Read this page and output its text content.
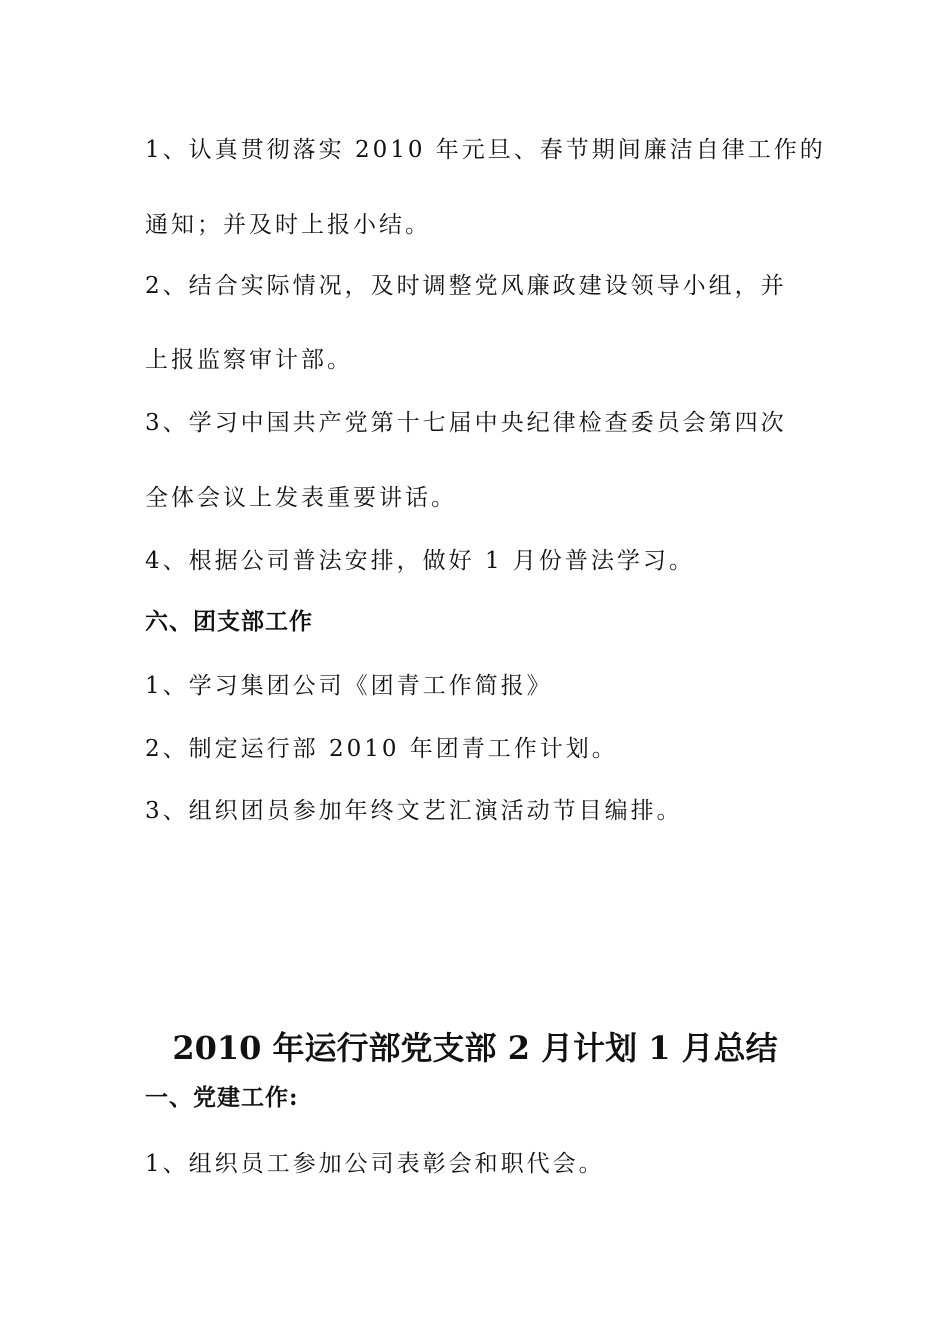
1、认真贯彻落实 2010 年元旦、春节期间廉洁自律工作的

通知；并及时上报小结。

2、结合实际情况，及时调整党风廉政建设领导小组，并

上报监察审计部。

3、学习中国共产党第十七届中央纪律检查委员会第四次

全体会议上发表重要讲话。

4、根据公司普法安排，做好 1 月份普法学习。

六、团支部工作

1、学习集团公司《团青工作简报》

2、制定运行部 2010 年团青工作计划。

3、组织团员参加年终文艺汇演活动节目编排。

2010 年运行部党支部 2 月计划 1 月总结

一、党建工作:

1、组织员工参加公司表彰会和职代会。
